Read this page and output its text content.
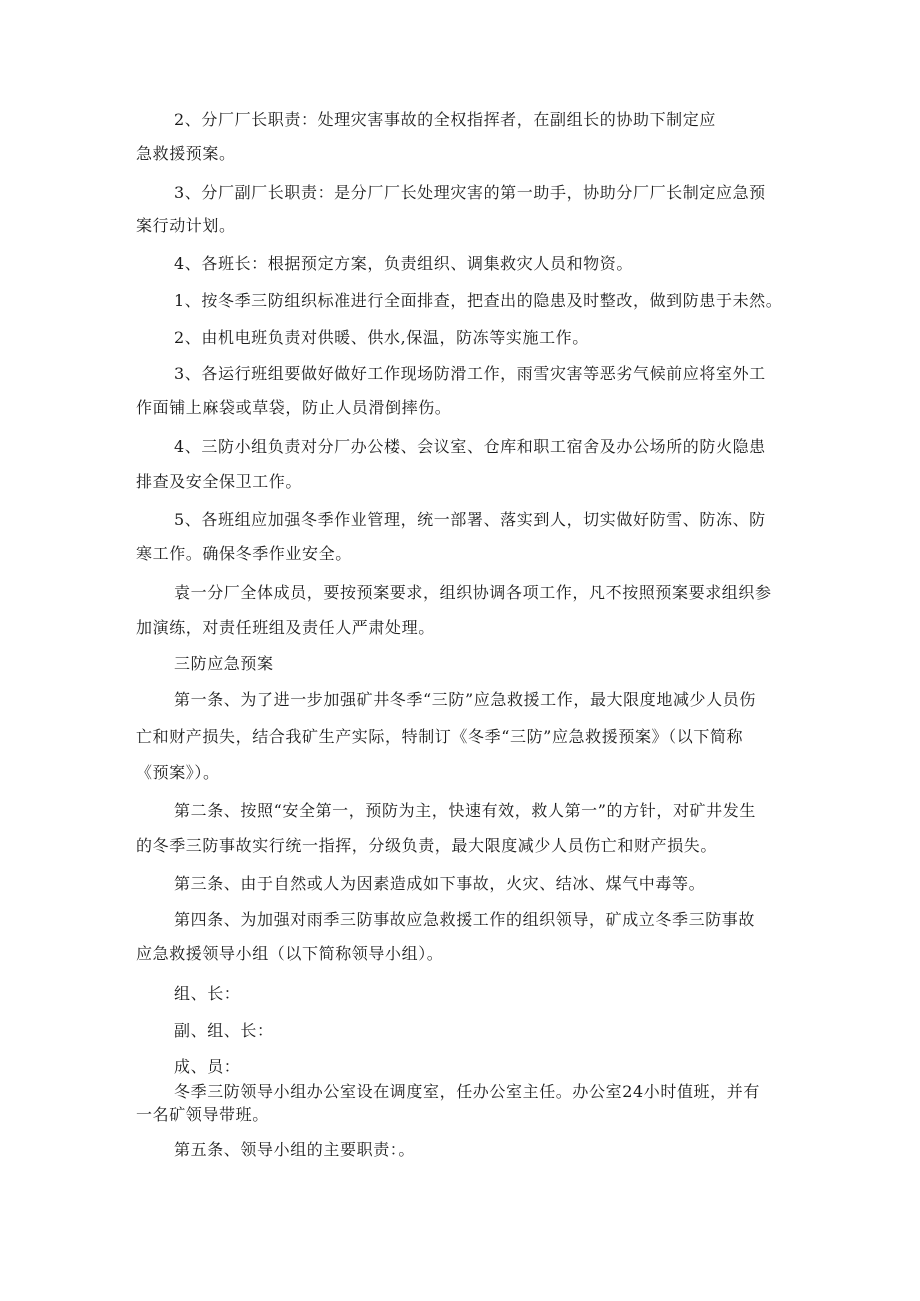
2、分厂厂长职责：处理灾害事故的全权指挥者，在副组长的协助下制定应
急救援预案。
3、分厂副厂长职责：是分厂厂长处理灾害的第一助手，协助分厂厂长制定应急预
案行动计划。
4、各班长：根据预定方案，负责组织、调集救灾人员和物资。
1、按冬季三防组织标准进行全面排查，把查出的隐患及时整改，做到防患于未然。
2、由机电班负责对供暖、供水,保温，防冻等实施工作。
3、各运行班组要做好做好工作现场防滑工作，雨雪灾害等恶劣气候前应将室外工
作面铺上麻袋或草袋，防止人员滑倒摔伤。
4、三防小组负责对分厂办公楼、会议室、仓库和职工宿舍及办公场所的防火隐患
排查及安全保卫工作。
5、各班组应加强冬季作业管理，统一部署、落实到人，切实做好防雪、防冻、防
寒工作。确保冬季作业安全。
袁一分厂全体成员，要按预案要求，组织协调各项工作，凡不按照预案要求组织参
加演练，对责任班组及责任人严肃处理。
三防应急预案
第一条、为了进一步加强矿井冬季“三防”应急救援工作，最大限度地减少人员伤
亡和财产损失，结合我矿生产实际，特制订《冬季“三防”应急救援预案》（以下简称
《预案》）。
第二条、按照“安全第一，预防为主，快速有效，救人第一”的方针，对矿井发生
的冬季三防事故实行统一指挥，分级负责，最大限度减少人员伤亡和财产损失。
第三条、由于自然或人为因素造成如下事故，火灾、结冰、煤气中毒等。
第四条、为加强对雨季三防事故应急救援工作的组织领导，矿成立冬季三防事故
应急救援领导小组（以下简称领导小组）。
组、长：
副、组、长：
成、员：
冬季三防领导小组办公室设在调度室，任办公室主任。办公室24小时值班，并有
一名矿领导带班。
第五条、领导小组的主要职责：。
